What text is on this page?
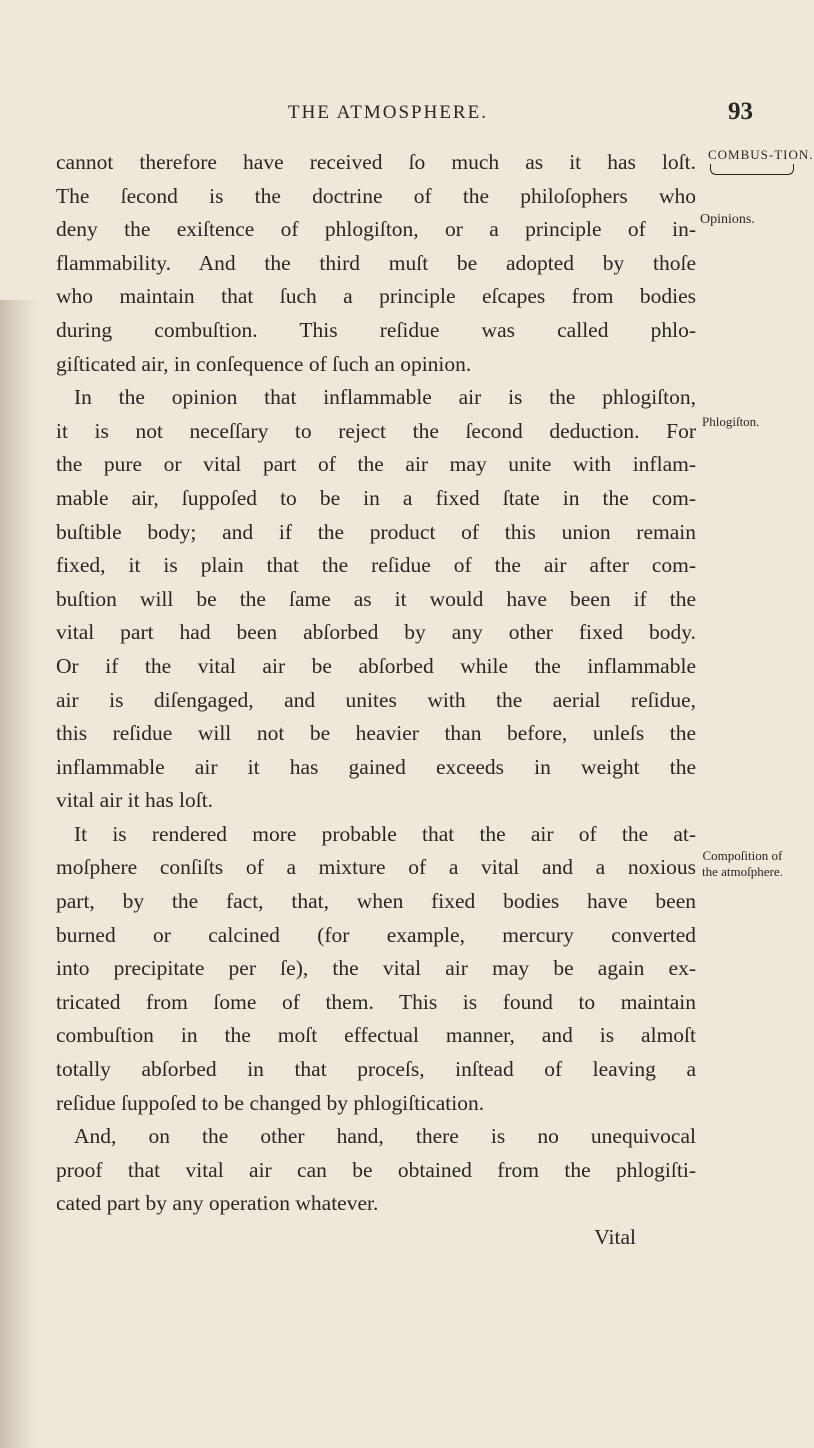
THE ATMOSPHERE.	93
COMBUS-TION.
Opinions.
Phlogiſton.
Compoſition of
the atmoſphere.
cannot therefore have received ſo much as it has loſt.
The ſecond is the doctrine of the philoſophers who
deny the exiſtence of phlogiſton, or a principle of in-
flammability. And the third muſt be adopted by thoſe
who maintain that ſuch a principle eſcapes from bodies
during combuſtion. This reſidue was called phlo-
giſticated air, in conſequence of ſuch an opinion.
In the opinion that inflammable air is the phlogiſton,
it is not neceſſary to reject the ſecond deduction. For
the pure or vital part of the air may unite with inflam-
mable air, ſuppoſed to be in a fixed ſtate in the com-
buſtible body; and if the product of this union remain
fixed, it is plain that the reſidue of the air after com-
buſtion will be the ſame as it would have been if the
vital part had been abſorbed by any other fixed body.
Or if the vital air be abſorbed while the inflammable
air is diſengaged, and unites with the aerial reſidue,
this reſidue will not be heavier than before, unleſs the
inflammable air it has gained exceeds in weight the
vital air it has loſt.
It is rendered more probable that the air of the at-
moſphere conſiſts of a mixture of a vital and a noxious
part, by the fact, that, when fixed bodies have been
burned or calcined (for example, mercury converted
into precipitate per ſe), the vital air may be again ex-
tricated from ſome of them. This is found to maintain
combuſtion in the moſt effectual manner, and is almoſt
totally abſorbed in that proceſs, inſtead of leaving a
reſidue ſuppoſed to be changed by phlogiſtication.
And, on the other hand, there is no unequivocal
proof that vital air can be obtained from the phlogiſti-
cated part by any operation whatever.
Vital
